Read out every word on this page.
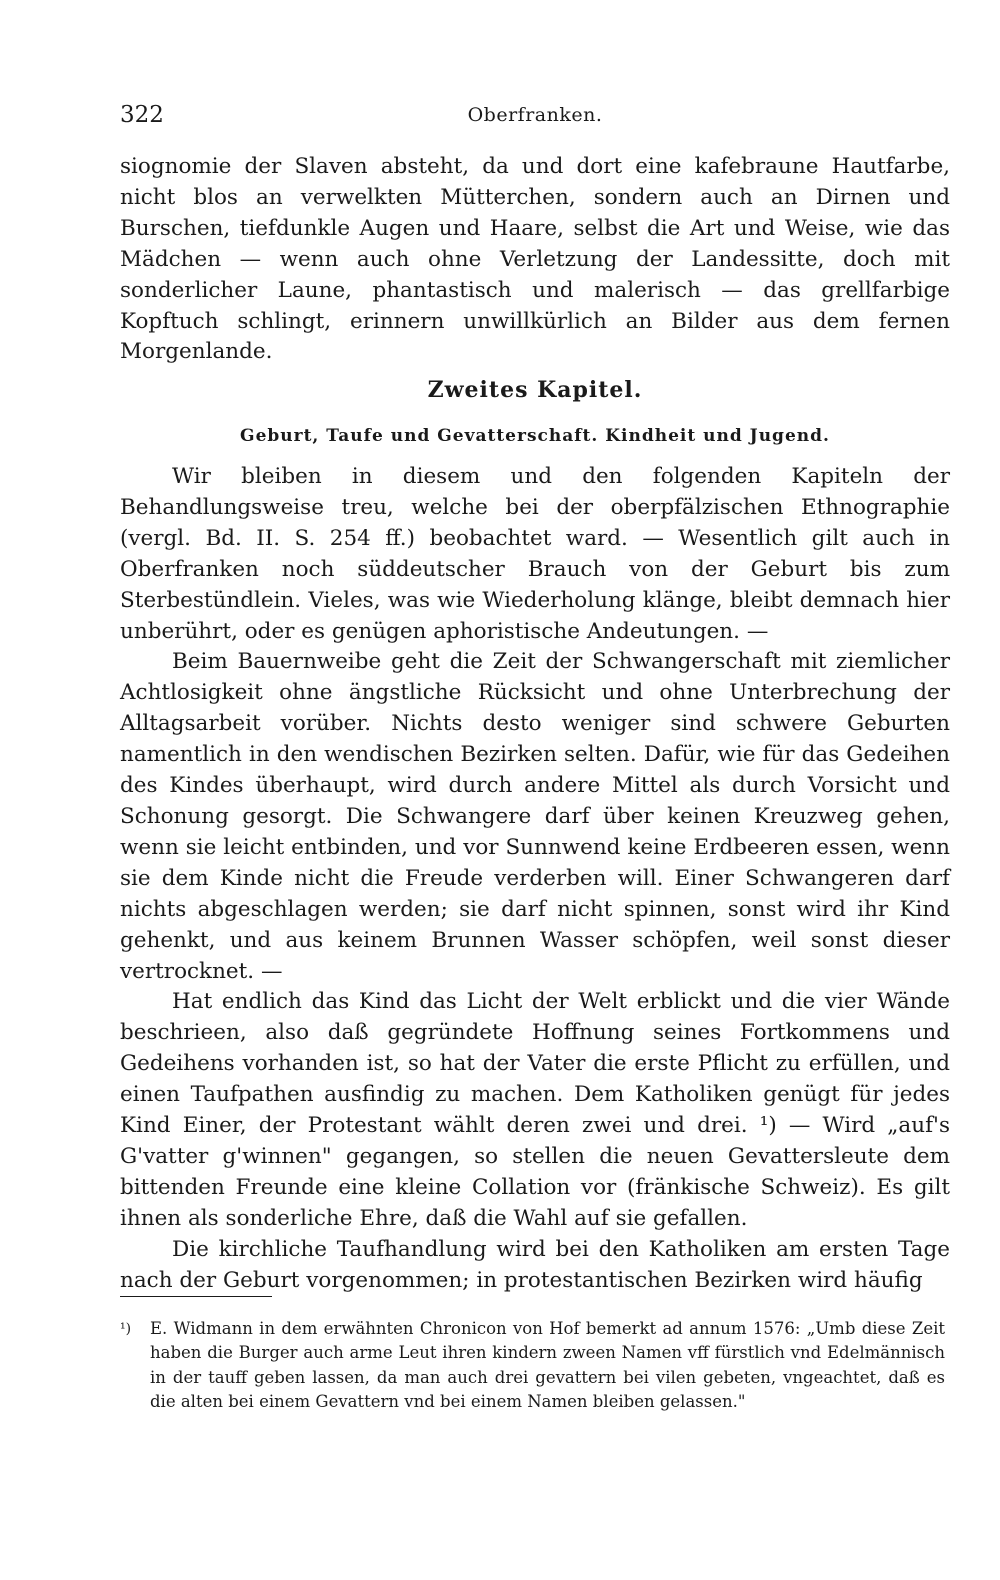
322	Oberfranken.

siognomie der Slaven absteht, da und dort eine kafebraune Hautfarbe, nicht blos an verwelkten Mütterchen, sondern auch an Dirnen und Burschen, tiefdunkle Augen und Haare, selbst die Art und Weise, wie das Mädchen — wenn auch ohne Verletzung der Landessitte, doch mit sonderlicher Laune, phantastisch und malerisch — das grellfarbige Kopftuch schlingt, erinnern unwillkürlich an Bilder aus dem fernen Morgenlande.

Zweites Kapitel.
Geburt, Taufe und Gevatterschaft. Kindheit und Jugend.

Wir bleiben in diesem und den folgenden Kapiteln der Behandlungsweise treu, welche bei der oberpfälzischen Ethnographie (vergl. Bd. II. S. 254 ff.) beobachtet ward. — Wesentlich gilt auch in Oberfranken noch süddeutscher Brauch von der Geburt bis zum Sterbestündlein. Vieles, was wie Wiederholung klänge, bleibt demnach hier unberührt, oder es genügen aphoristische Andeutungen. —

Beim Bauernweibe geht die Zeit der Schwangerschaft mit ziemlicher Achtlosigkeit ohne ängstliche Rücksicht und ohne Unterbrechung der Alltagsarbeit vorüber. Nichts desto weniger sind schwere Geburten namentlich in den wendischen Bezirken selten. Dafür, wie für das Gedeihen des Kindes überhaupt, wird durch andere Mittel als durch Vorsicht und Schonung gesorgt. Die Schwangere darf über keinen Kreuzweg gehen, wenn sie leicht entbinden, und vor Sunnwend keine Erdbeeren essen, wenn sie dem Kinde nicht die Freude verderben will. Einer Schwangeren darf nichts abgeschlagen werden; sie darf nicht spinnen, sonst wird ihr Kind gehenkt, und aus keinem Brunnen Wasser schöpfen, weil sonst dieser vertrocknet. —

Hat endlich das Kind das Licht der Welt erblickt und die vier Wände beschrieen, also daß gegründete Hoffnung seines Fortkommens und Gedeihens vorhanden ist, so hat der Vater die erste Pflicht zu erfüllen, und einen Taufpathen ausfindig zu machen. Dem Katholiken genügt für jedes Kind Einer, der Protestant wählt deren zwei und drei. ¹) — Wird „auf's G'vatter g'winnen" gegangen, so stellen die neuen Gevattersleute dem bittenden Freunde eine kleine Collation vor (fränkische Schweiz). Es gilt ihnen als sonderliche Ehre, daß die Wahl auf sie gefallen.

Die kirchliche Taufhandlung wird bei den Katholiken am ersten Tage nach der Geburt vorgenommen; in protestantischen Bezirken wird häufig

¹) E. Widmann in dem erwähnten Chronicon von Hof bemerkt ad annum 1576: „Umb diese Zeit haben die Burger auch arme Leut ihren kindern zween Namen vff fürstlich vnd Edelmännisch in der tauff geben lassen, da man auch drei gevattern bei vilen gebeten, vngeachtet, daß es die alten bei einem Gevattern vnd bei einem Namen bleiben gelassen."
